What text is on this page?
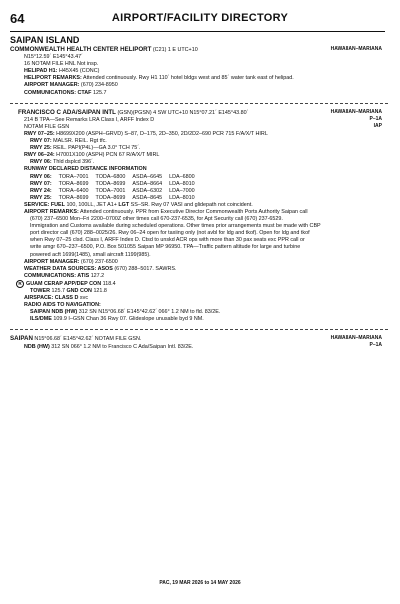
64	AIRPORT/FACILITY DIRECTORY
SAIPAN ISLAND
HAWAIIAN–MARIANA
COMMONWEALTH HEALTH CENTER HELIPORT (C21) 1 E UTC+10
N15°12.59´ E145°43.47´
16 NOTAM FILE HNL Not insp.
HELIPAD H1: H45X45 (CONC)
HELIPORT REMARKS: Attended continuously. Rwy H1 110´ hotel bldgs west and 85´ water tank east of helipad.
AIRPORT MANAGER: (670) 234-8950
COMMUNICATIONS: CTAF 125.7
HAWAIIAN–MARIANA
P–1A
IAP
FRANCISCO C ADA/SAIPAN INTL (GSN)(PGSN) 4 SW UTC+10 N15°07.21´ E145°43.80´
214 B TPA—See Remarks LRA Class I, ARFF Index D
NOTAM FILE GSN
RWY 07–25: H8699X200 (ASPH–GRVD) S–87, D–175, 2D–350, 2D/2D2–690 PCR 715 F/A/X/T HIRL
RWY 07: MALSR. REIL. Rgt tfc.
RWY 25: REIL. PAPI(P4L)—GA 3.0° TCH 75´.
RWY 06–24: H7001X100 (ASPH) PCN 67 R/A/X/T MIRL
RWY 06: Thld dsplcd 396´.
RUNWAY DECLARED DISTANCE INFORMATION
RWY 06:	TORA–7001	TODA–6800	ASDA–6645	LDA–6800
RWY 07:	TORA–8699	TODA–8699	ASDA–8664	LDA–8010
RWY 24:	TORA–6400	TODA–7001	ASDA–6302	LDA–7000
RWY 25:	TORA–8699	TODA–8699	ASDA–8645	LDA–8010
SERVICE: FUEL 100, 100LL, JET A1+ LGT SS–SR. Rwy 07 VASI and glidepath not coincident.
AIRPORT REMARKS: Attended continuously. PPR from Executive Director Commonwealth Ports Authority Saipan call
(670) 237–6500 Mon–Fri 2200–0700Z other times call 670-237-6535, for Apt Security call (670) 237-6529.
Immigration and Customs available during scheduled operations. Other times prior arrangements must be made with CBP
port director call (670) 288–0025/26. Rwy 06–24 open for taxiing only (not avbl for ldg and tkof). Open for ldg and tkof
when Rwy 07–25 clsd. Class I, ARFF Index D. Ctsd to unskd ACR ops with more than 30 pax seats exc PPR call or
write amgr 670–237–6500, P.O. Box 501055 Saipan MP 96950. TPA—Traffic pattern altitude for large and turbine
powered acft 1699(1485), small aircraft 1199(985).
AIRPORT MANAGER: (670) 237-6500
WEATHER DATA SOURCES: ASOS (670) 288–5017. SAWRS.
COMMUNICATIONS: ATIS 127.2
R GUAM CERAP APP/DEP CON 118.4
TOWER 125.7 GND CON 121.8
AIRSPACE: CLASS D svc
RADIO AIDS TO NAVIGATION:
SAIPAN NDB (HW) 312 SN N15°06.68´ E145°42.62´ 066° 1.2 NM to fld. 83/2E.
ILS/DME 109.9 I–GSN Chan 36 Rwy 07. Glideslope unusable byd 9 NM.
HAWAIIAN–MARIANA
P–1A
SAIPAN N15°06.68´ E145°42.62´ NOTAM FILE GSN.
NDB (HW) 312 SN 066° 1.2 NM to Francisco C Ada/Saipan Intl. 83/2E.
PAC, 19 MAR 2026 to 14 MAY 2026
